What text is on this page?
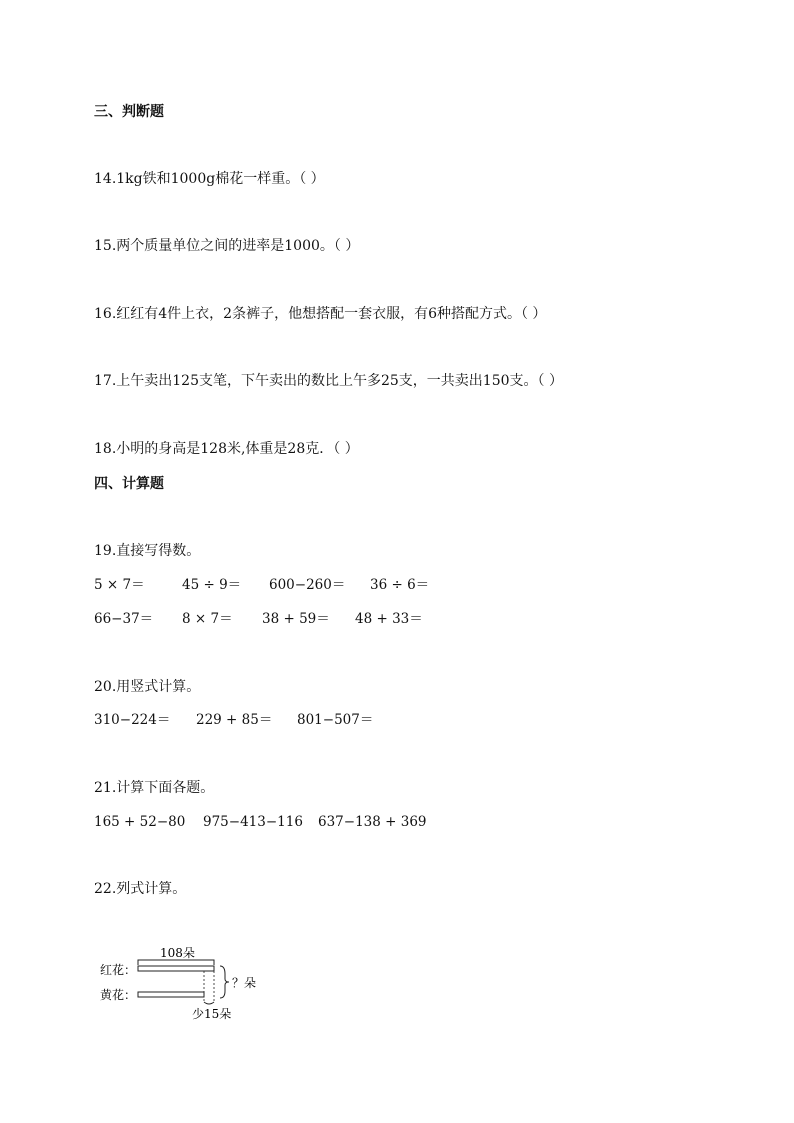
三、判断题
14.1kg铁和1000g棉花一样重。（ ）
15.两个质量单位之间的进率是1000。（ ）
16.红红有4件上衣，2条裤子，他想搭配一套衣服，有6种搭配方式。（ ）
17.上午卖出125支笔，下午卖出的数比上午多25支，一共卖出150支。（ ）
18.小明的身高是128米,体重是28克．（ ）
四、计算题
19.直接写得数。
5 × 7＝	45 ÷ 9＝ 600−260＝ 36 ÷ 6＝
66−37＝ 8 × 7＝ 38 + 59＝ 48 + 33＝
20.用竖式计算。
310−224＝ 229 + 85＝ 801−507＝
21.计算下面各题。
165 + 52−80 975−413−116 637−138 + 369
22.列式计算。
108朵
红花：
黄花：
少15朵
？朵
